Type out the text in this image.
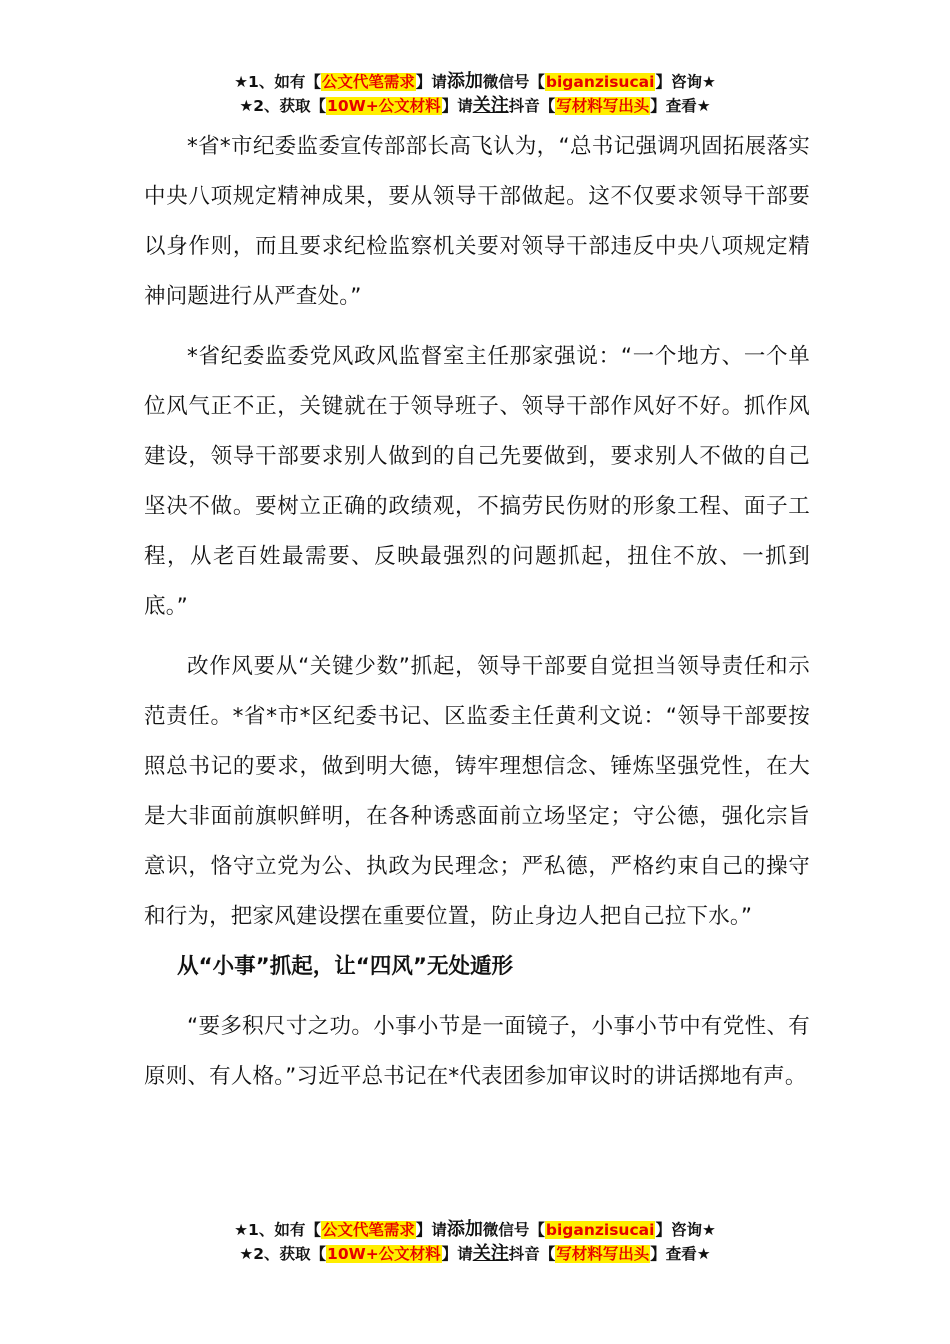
★1、如有【公文代笔需求】请添加微信号【biganzisucai】咨询★
★2、获取【10W+公文材料】请关注抖音【写材料写出头】查看★

*省*市纪委监委宣传部部长高飞认为，“总书记强调巩固拓展落实中央八项规定精神成果，要从领导干部做起。这不仅要求领导干部要以身作则，而且要求纪检监察机关要对领导干部违反中央八项规定精神问题进行从严查处。”

*省纪委监委党风政风监督室主任那家强说：“一个地方、一个单位风气正不正，关键就在于领导班子、领导干部作风好不好。抓作风建设，领导干部要求别人做到的自己先要做到，要求别人不做的自己坚决不做。要树立正确的政绩观，不搞劳民伤财的形象工程、面子工程，从老百姓最需要、反映最强烈的问题抓起，扭住不放、一抓到底。”

改作风要从“关键少数”抓起，领导干部要自觉担当领导责任和示范责任。*省*市*区纪委书记、区监委主任黄利文说：“领导干部要按照总书记的要求，做到明大德，铸牢理想信念、锤炼坚强党性，在大是大非面前旗帜鲜明，在各种诱惑面前立场坚定；守公德，强化宗旨意识，恪守立党为公、执政为民理念；严私德，严格约束自己的操守和行为，把家风建设摆在重要位置，防止身边人把自己拉下水。”

从“小事”抓起，让“四风”无处遁形

“要多积尺寸之功。小事小节是一面镜子，小事小节中有党性、有原则、有人格。”习近平总书记在*代表团参加审议时的讲话掷地有声。

★1、如有【公文代笔需求】请添加微信号【biganzisucai】咨询★
★2、获取【10W+公文材料】请关注抖音【写材料写出头】查看★
